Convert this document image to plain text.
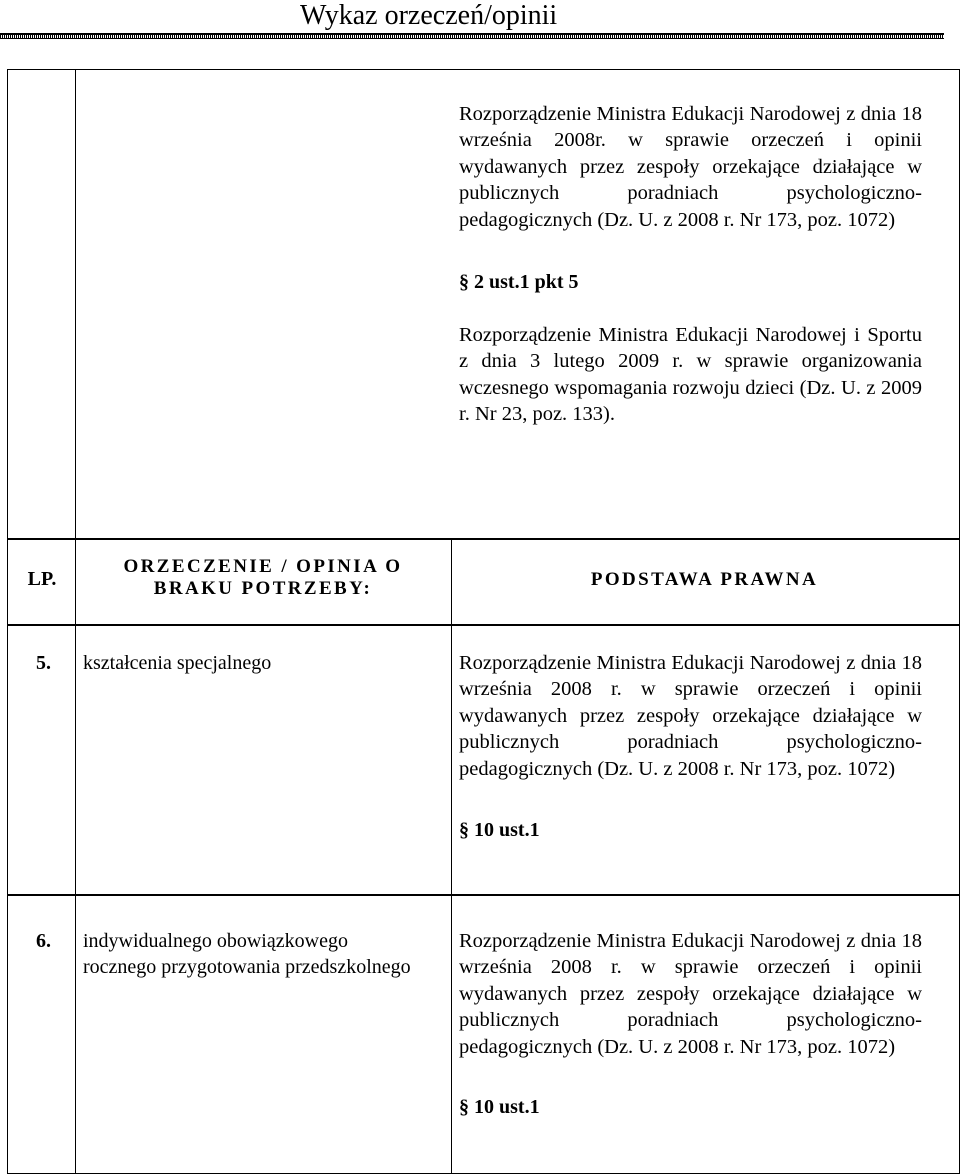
Wykaz orzeczeń/opinii
Rozporządzenie Ministra Edukacji Narodowej z dnia 18 września 2008r. w sprawie orzeczeń i opinii wydawanych przez zespoły orzekające działające w publicznych poradniach psychologiczno-pedagogicznych (Dz. U. z 2008 r. Nr 173, poz. 1072)
§ 2 ust.1 pkt 5
Rozporządzenie Ministra Edukacji Narodowej i Sportu z dnia 3 lutego 2009 r. w sprawie organizowania wczesnego wspomagania rozwoju dzieci (Dz. U. z 2009 r. Nr 23, poz. 133).
LP.
ORZECZENIE / OPINIA O
BRAKU POTRZEBY:	PODSTAWA PRAWNA
5. kształcenia specjalnego	Rozporządzenie Ministra Edukacji Narodowej z dnia 18 września 2008 r. w sprawie orzeczeń i opinii wydawanych przez zespoły orzekające działające w publicznych poradniach psychologiczno-pedagogicznych (Dz. U. z 2008 r. Nr 173, poz. 1072)
§ 10 ust.1
6. indywidualnego obowiązkowego rocznego przygotowania przedszkolnego
Rozporządzenie Ministra Edukacji Narodowej z dnia 18 września 2008 r. w sprawie orzeczeń i opinii wydawanych przez zespoły orzekające działające w publicznych poradniach psychologiczno-pedagogicznych (Dz. U. z 2008 r. Nr 173, poz. 1072)
§ 10 ust.1
